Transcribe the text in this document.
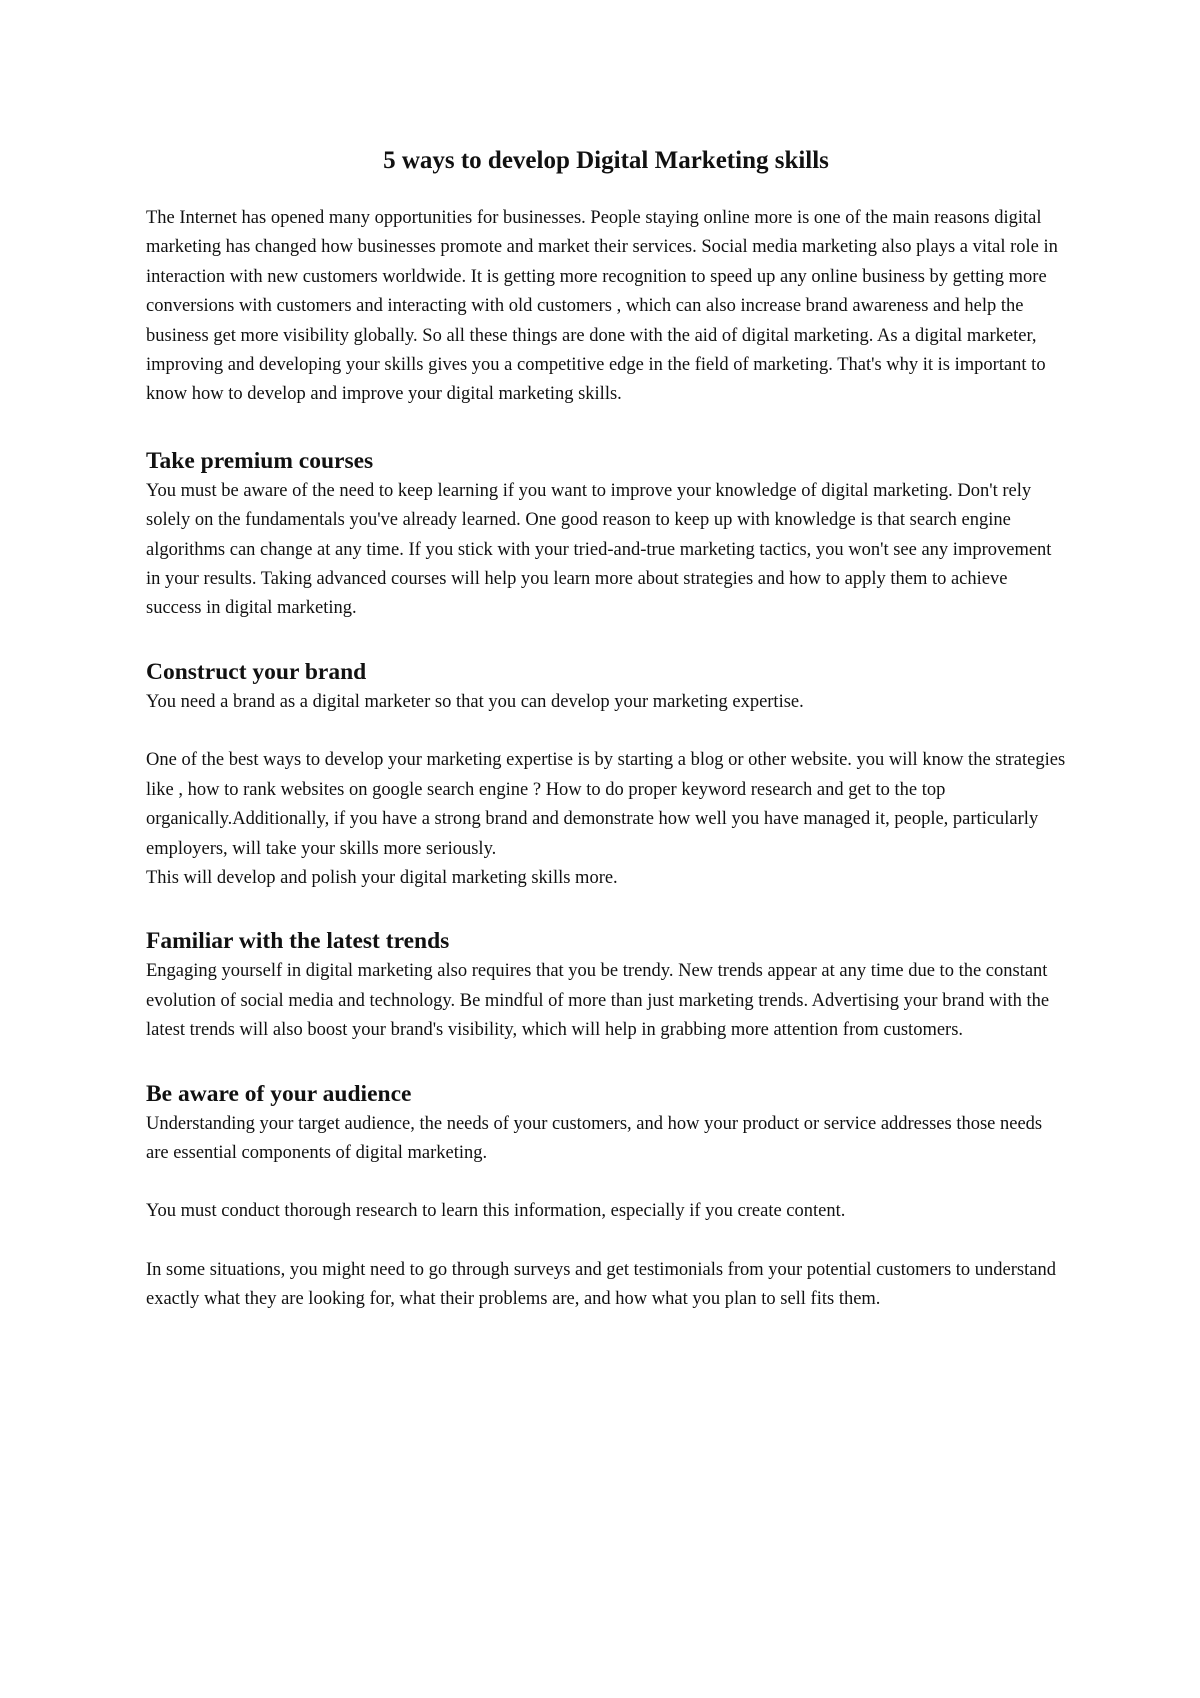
5 ways to develop Digital Marketing skills

The Internet has opened many opportunities for businesses. People staying online more is one of the main reasons digital marketing has changed how businesses promote and market their services. Social media marketing also plays a vital role in interaction with new customers worldwide. It is getting more recognition to speed up any online business by getting more conversions with customers and interacting with old customers , which can also increase brand awareness and help the business get more visibility globally. So all these things are done with the aid of digital marketing. As a digital marketer, improving and developing your skills gives you a competitive edge in the field of marketing. That's why it is important to know how to develop and improve your digital marketing skills.

Take premium courses

You must be aware of the need to keep learning if you want to improve your knowledge of digital marketing. Don't rely solely on the fundamentals you've already learned. One good reason to keep up with knowledge is that search engine algorithms can change at any time. If you stick with your tried-and-true marketing tactics, you won't see any improvement in your results. Taking advanced courses will help you learn more about strategies and how to apply them to achieve success in digital marketing.

Construct your brand

You need a brand as a digital marketer so that you can develop your marketing expertise.

One of the best ways to develop your marketing expertise is by starting a blog or other website. you will know the strategies like , how to rank websites on google search engine ? How to do proper keyword research and get to the top organically.Additionally, if you have a strong brand and demonstrate how well you have managed it, people, particularly employers, will take your skills more seriously.

This will develop and polish your digital marketing skills more.

Familiar with the latest trends

Engaging yourself in digital marketing also requires that you be trendy. New trends appear at any time due to the constant evolution of social media and technology. Be mindful of more than just marketing trends. Advertising your brand with the latest trends will also boost your brand's visibility, which will help in grabbing more attention from customers.

Be aware of your audience

Understanding your target audience, the needs of your customers, and how your product or service addresses those needs are essential components of digital marketing.

You must conduct thorough research to learn this information, especially if you create content.

In some situations, you might need to go through surveys and get testimonials from your potential customers to understand exactly what they are looking for, what their problems are, and how what you plan to sell fits them.
